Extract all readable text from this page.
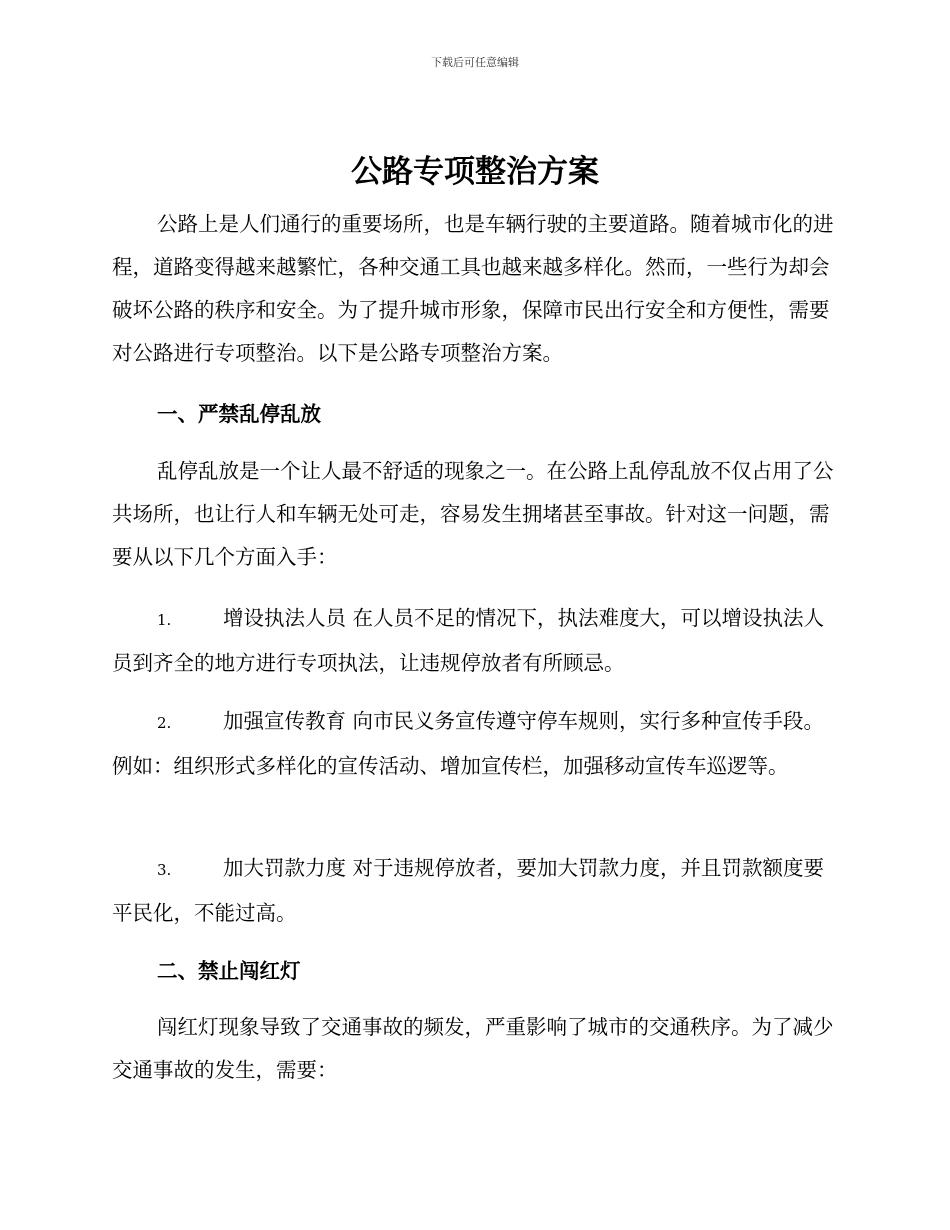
下载后可任意编辑
公路专项整治方案

公路上是人们通行的重要场所，也是车辆行驶的主要道路。随着城市化的进程，道路变得越来越繁忙，各种交通工具也越来越多样化。然而，一些行为却会破坏公路的秩序和安全。为了提升城市形象，保障市民出行安全和方便性，需要对公路进行专项整治。以下是公路专项整治方案。

一、严禁乱停乱放

乱停乱放是一个让人最不舒适的现象之一。在公路上乱停乱放不仅占用了公共场所，也让行人和车辆无处可走，容易发生拥堵甚至事故。针对这一问题，需要从以下几个方面入手：

1.	增设执法人员 在人员不足的情况下，执法难度大，可以增设执法人员到齐全的地方进行专项执法，让违规停放者有所顾忌。

2.	加强宣传教育 向市民义务宣传遵守停车规则，实行多种宣传手段。例如：组织形式多样化的宣传活动、增加宣传栏，加强移动宣传车巡逻等。

3.	加大罚款力度 对于违规停放者，要加大罚款力度，并且罚款额度要平民化，不能过高。

二、禁止闯红灯

闯红灯现象导致了交通事故的频发，严重影响了城市的交通秩序。为了减少交通事故的发生，需要：
